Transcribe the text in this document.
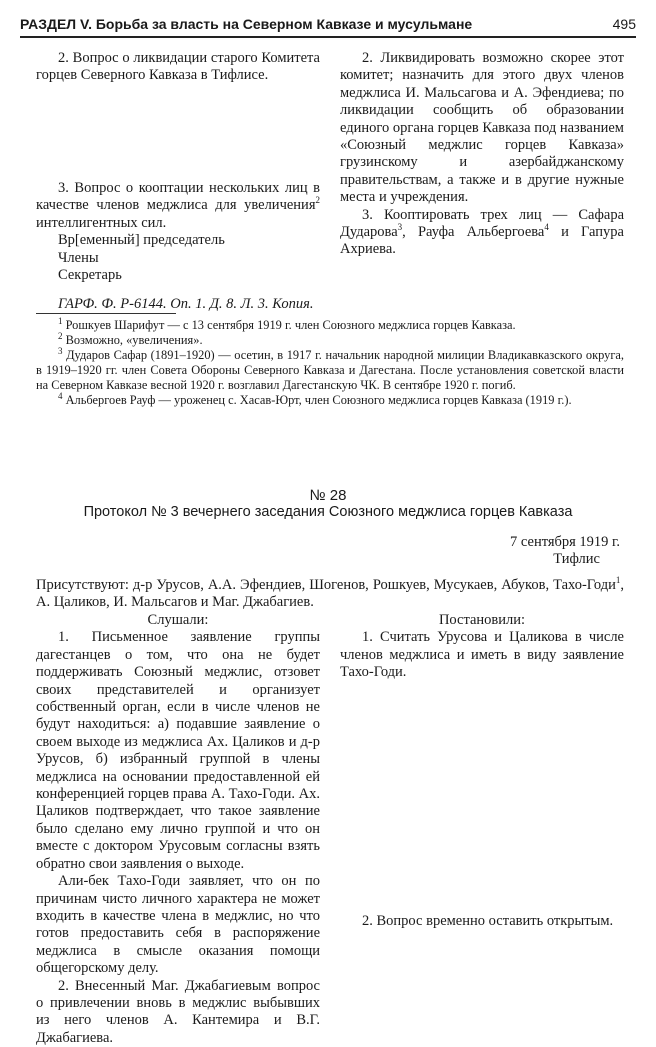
РАЗДЕЛ V. Борьба за власть на Северном Кавказе и мусульмане	495

2. Вопрос о ликвидации старого Комитета горцев Северного Кавказа в Тифлисе.

3. Вопрос о кооптации нескольких лиц в качестве членов меджлиса для увеличения$^2$ интеллигентных сил.

Вр[еменный] председатель
Члены
Секретарь
ГАРФ. Ф. Р-6144. Оп. 1. Д. 8. Л. 3. Копия.

2. Ликвидировать возможно скорее этот комитет; назначить для этого двух членов меджлиса И. Мальсагова и А. Эфендиева; по ликвидации сообщить об образовании единого органа горцев Кавказа под названием «Союзный меджлис горцев Кавказа» грузинскому и азербайджанскому правительствам, а также и в другие нужные места и учреждения.

3. Кооптировать трех лиц — Сафара Дударова$^3$, Рауфа Альбергоева$^4$ и Гапура Ахриева.

$^1$ Рошкуев Шарифут — с 13 сентября 1919 г. член Союзного меджлиса горцев Кавказа.

$^2$ Возможно, «увеличения».

$^3$ Дударов Сафар (1891–1920) — осетин, в 1917 г. начальник народной милиции Владикавказского округа, в 1919–1920 гг. член Совета Обороны Северного Кавказа и Дагестана. После установления советской власти на Северном Кавказе весной 1920 г. возглавил Дагестанскую ЧК. В сентябре 1920 г. погиб.

$^4$ Альбергоев Рауф — уроженец с. Хасав-Юрт, член Союзного меджлиса горцев Кавказа (1919 г.).

№ 28
Протокол № 3 вечернего заседания Союзного меджлиса горцев Кавказа
7 сентября 1919 г.
Тифлис
Присутствуют: д-р Урусов, А.А. Эфендиев, Шогенов, Рошкуев, Мусукаев, Абуков, Тахо-Годи$^1$, А. Цаликов, И. Мальсагов и Маг. Джабагиев.

Слушали:

1. Письменное заявление группы дагестанцев о том, что она не будет поддерживать Союзный меджлис, отзовет своих представителей и организует собственный орган, если в числе членов не будут находиться: а) подавшие заявление о своем выходе из меджлиса Ах. Цаликов и д-р Урусов, б) избранный группой в члены меджлиса на основании предоставленной ей конференцией горцев права А. Тахо-Годи. Ах. Цаликов подтверждает, что такое заявление было сделано ему лично группой и что он вместе с доктором Урусовым согласны взять обратно свои заявления о выходе.

Али-бек Тахо-Годи заявляет, что он по причинам чисто личного характера не может входить в качестве члена в меджлис, но что готов предоставить себя в распоряжение меджлиса в смысле оказания помощи общегорскому делу.

2. Внесенный Маг. Джабагиевым вопрос о привлечении вновь в меджлис выбывших из него членов А. Кантемира и В.Г. Джабагиева.

Постановили:

1. Считать Урусова и Цаликова в числе членов меджлиса и иметь в виду заявление Тахо-Годи.

2. Вопрос временно оставить открытым.
